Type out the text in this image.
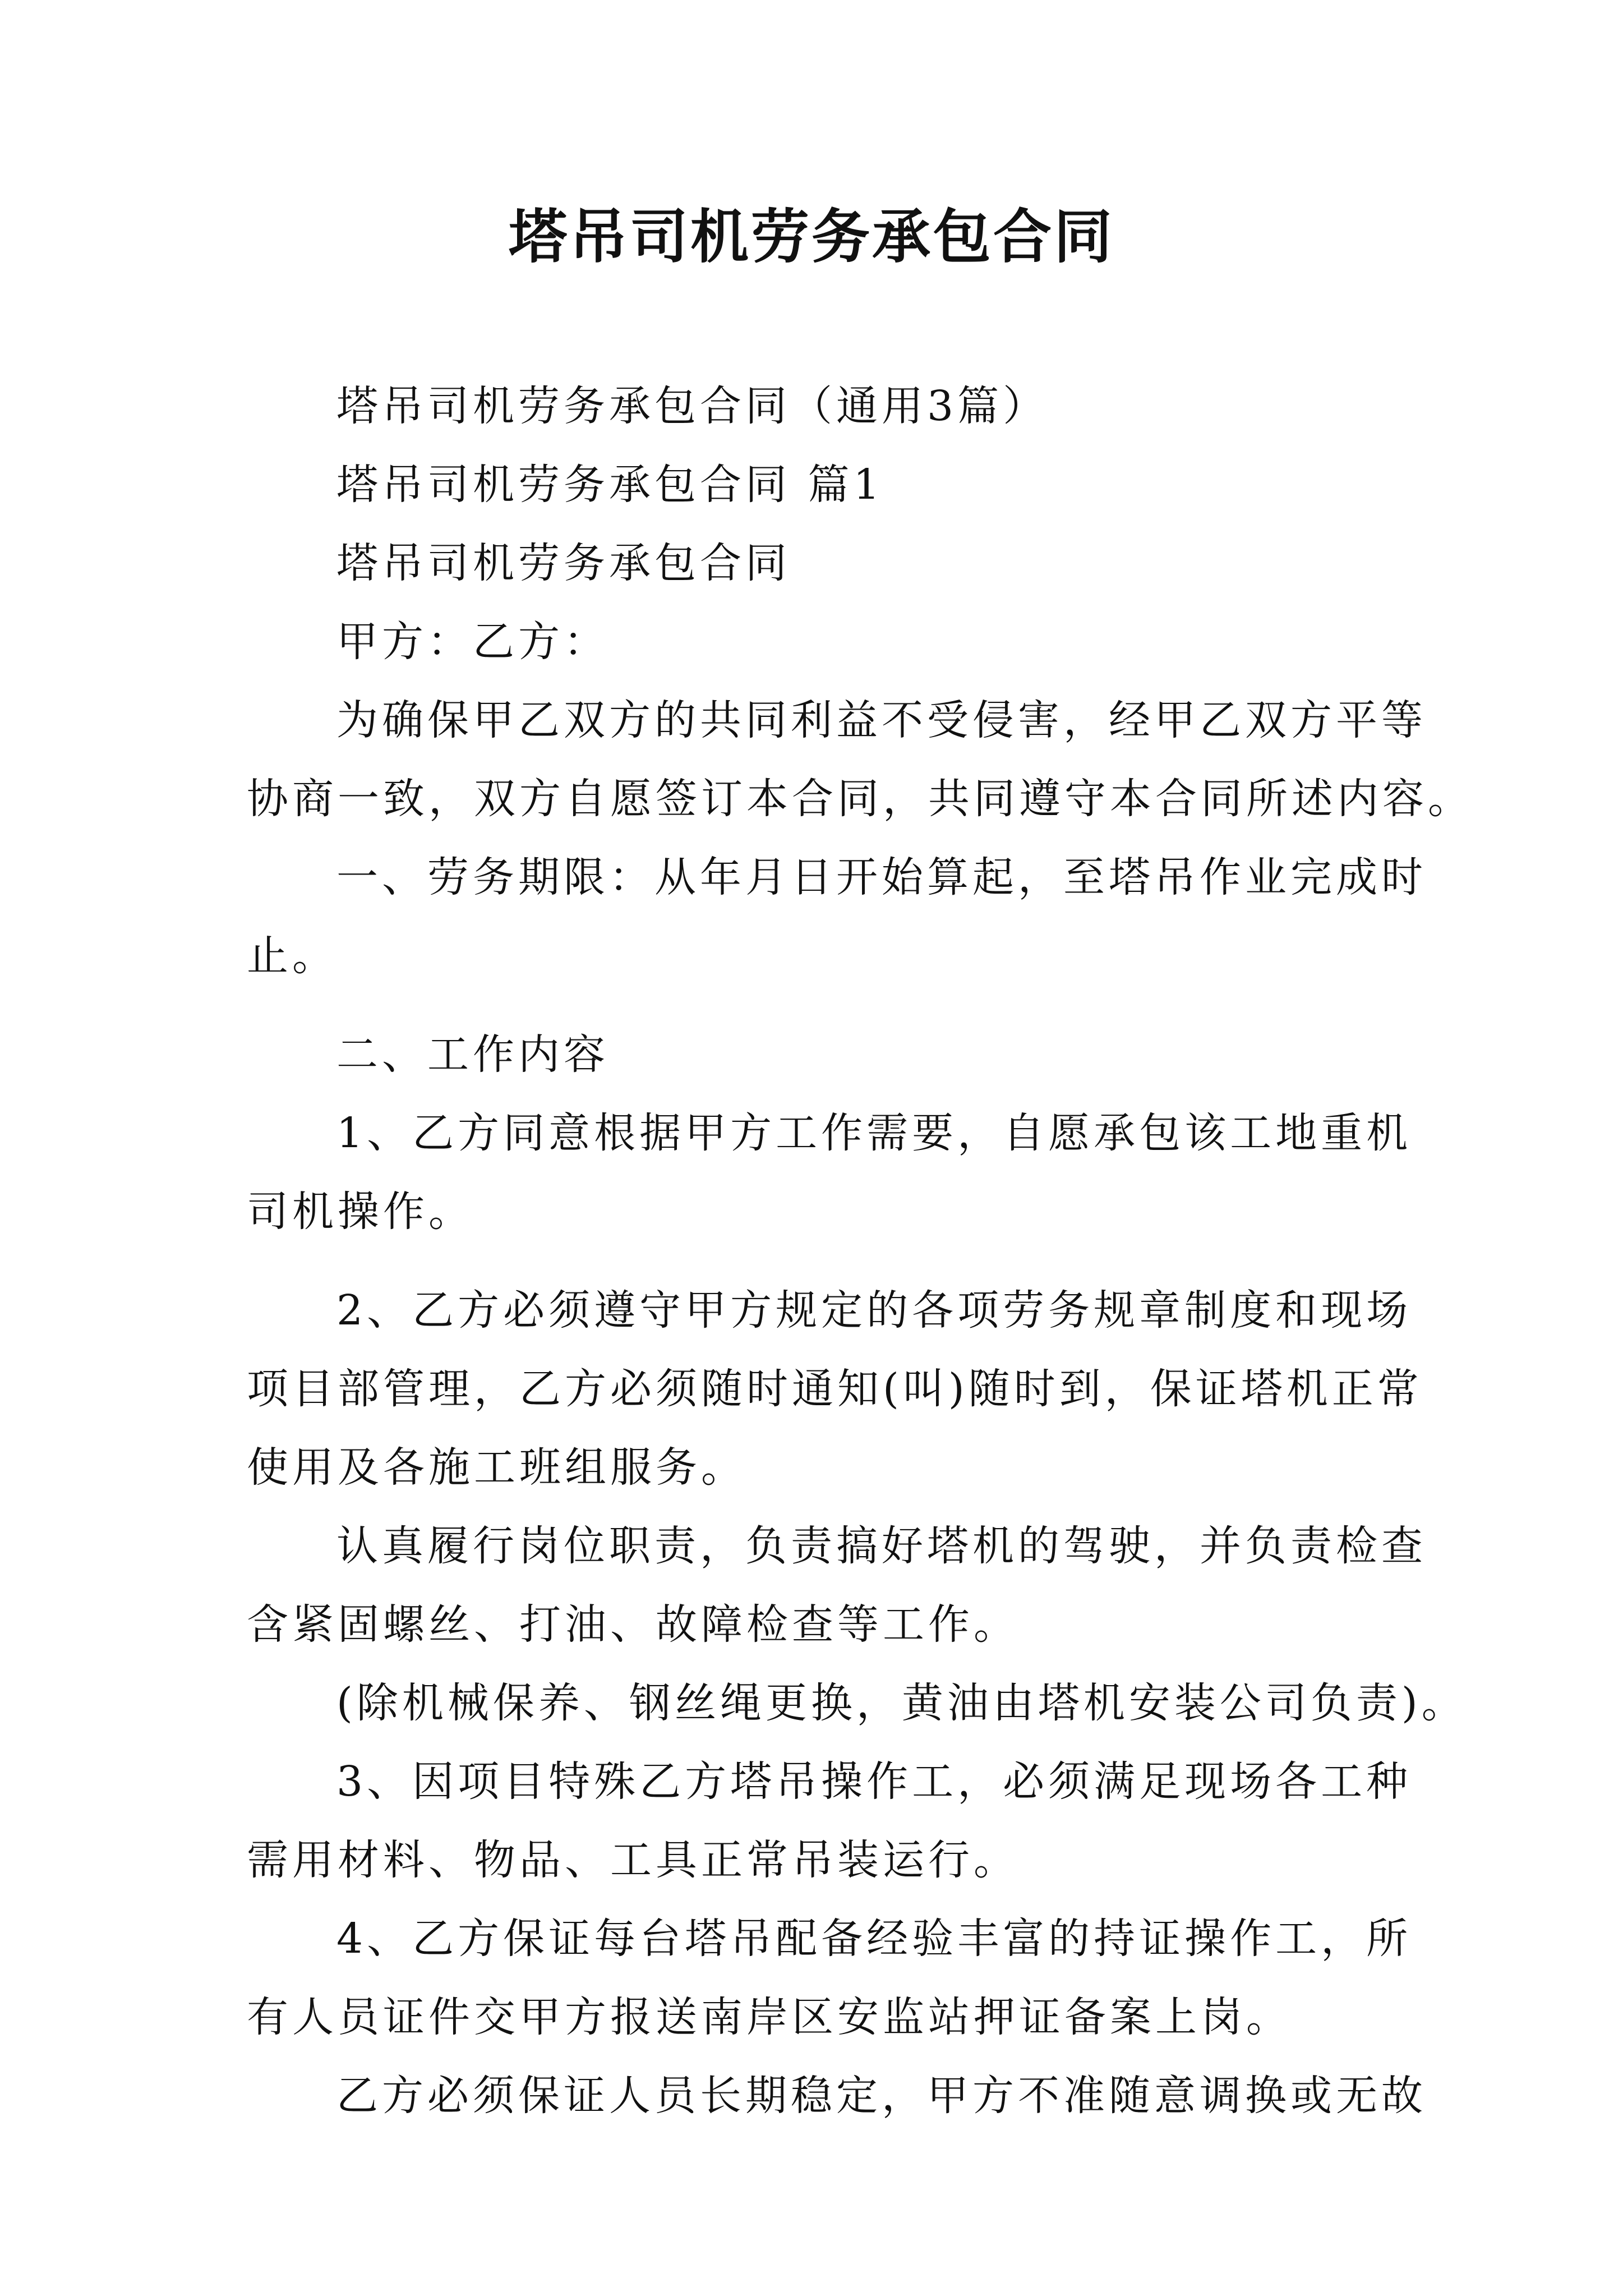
塔吊司机劳务承包合同
塔吊司机劳务承包合同（通用3篇）
塔吊司机劳务承包合同 篇1
塔吊司机劳务承包合同
甲方：乙方：
为确保甲乙双方的共同利益不受侵害，经甲乙双方平等
协商一致，双方自愿签订本合同，共同遵守本合同所述内容。
一、劳务期限：从年月日开始算起，至塔吊作业完成时
止。
二、工作内容
1、乙方同意根据甲方工作需要，自愿承包该工地重机
司机操作。
2、乙方必须遵守甲方规定的各项劳务规章制度和现场
项目部管理，乙方必须随时通知(叫)随时到，保证塔机正常
使用及各施工班组服务。
认真履行岗位职责，负责搞好塔机的驾驶，并负责检查
含紧固螺丝、打油、故障检查等工作。
(除机械保养、钢丝绳更换，黄油由塔机安装公司负责)。
3、因项目特殊乙方塔吊操作工，必须满足现场各工种
需用材料、物品、工具正常吊装运行。
4、乙方保证每台塔吊配备经验丰富的持证操作工，所
有人员证件交甲方报送南岸区安监站押证备案上岗。
乙方必须保证人员长期稳定，甲方不准随意调换或无故
